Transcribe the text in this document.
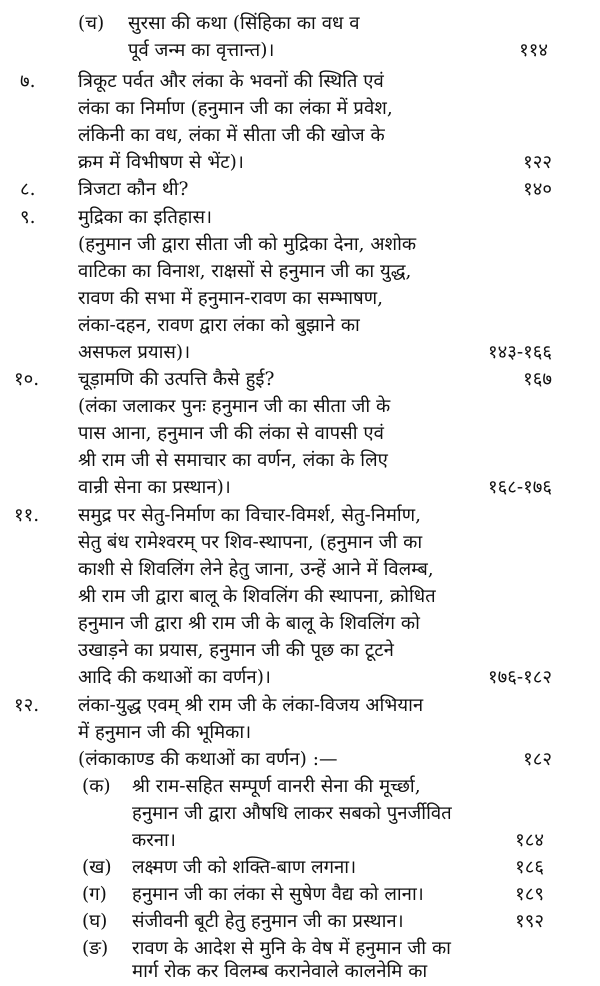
(च) सुरसा की कथा (सिंहिका का वध व
पूर्व जन्म का वृत्तान्त)।	११४
७. त्रिकूट पर्वत और लंका के भवनों की स्थिति एवं
लंका का निर्माण (हनुमान जी का लंका में प्रवेश,
लंकिनी का वध, लंका में सीता जी की खोज के
क्रम में विभीषण से भेंट)।	१२२
८. त्रिजटा कौन थी?	१४०
९. मुद्रिका का इतिहास।
(हनुमान जी द्वारा सीता जी को मुद्रिका देना, अशोक
वाटिका का विनाश, राक्षसों से हनुमान जी का युद्ध,
रावण की सभा में हनुमान-रावण का सम्भाषण,
लंका-दहन, रावण द्वारा लंका को बुझाने का
असफल प्रयास)।	१४३-१६६
१०. चूड़ामणि की उत्पत्ति कैसे हुई?	१६७
(लंका जलाकर पुनः हनुमान जी का सीता जी के
पास आना, हनुमान जी की लंका से वापसी एवं
श्री राम जी से समाचार का वर्णन, लंका के लिए
वान्री सेना का प्रस्थान)।	१६८-१७६
११. समुद्र पर सेतु-निर्माण का विचार-विमर्श, सेतु-निर्माण,
सेतु बंध रामेश्वरम् पर शिव-स्थापना, (हनुमान जी का
काशी से शिवलिंग लेने हेतु जाना, उन्हें आने में विलम्ब,
श्री राम जी द्वारा बालू के शिवलिंग की स्थापना, क्रोधित
हनुमान जी द्वारा श्री राम जी के बालू के शिवलिंग को
उखाड़ने का प्रयास, हनुमान जी की पूछ का टूटने
आदि की कथाओं का वर्णन)।	१७६-१८२
१२. लंका-युद्ध एवम् श्री राम जी के लंका-विजय अभियान
में हनुमान जी की भूमिका।
(लंकाकाण्ड की कथाओं का वर्णन) :—	१८२
(क) श्री राम-सहित सम्पूर्ण वानरी सेना की मूर्च्छा,
हनुमान जी द्वारा औषधि लाकर सबको पुनर्जीवित
करना।	१८४
(ख) लक्ष्मण जी को शक्ति-बाण लगना।	१८६
(ग) हनुमान जी का लंका से सुषेण वैद्य को लाना।	१८९
(घ) संजीवनी बूटी हेतु हनुमान जी का प्रस्थान।	१९२
(ङ) रावण के आदेश से मुनि के वेष में हनुमान जी का
मार्ग रोक कर विलम्ब करानेवाले कालनेमि का
